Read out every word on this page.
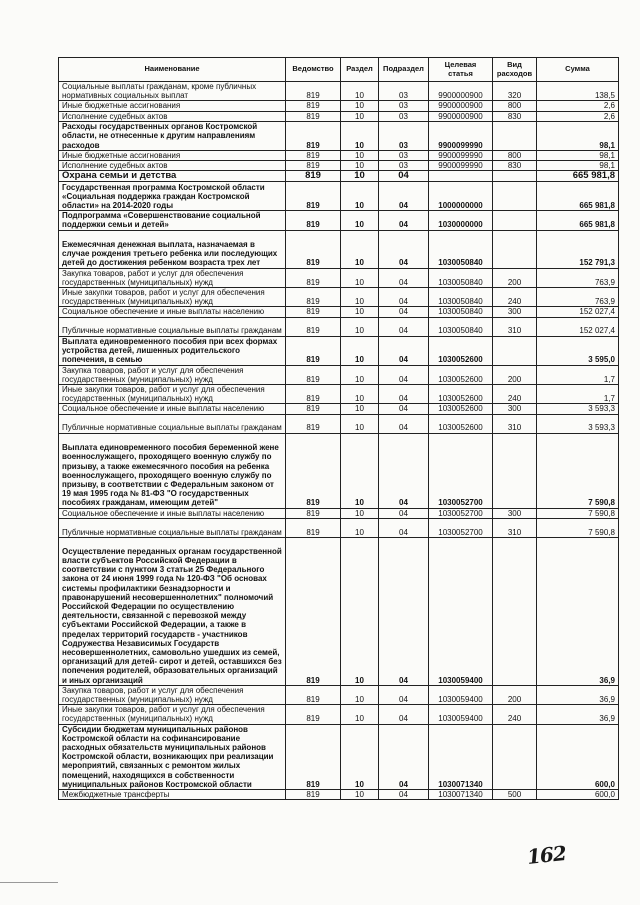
Наименование	Ведомство	Раздел	Подраздел	Целевая статья	Вид расходов	Сумма
Социальные выплаты гражданам, кроме публичных нормативных социальных выплат	819	10	03	9900000900	320	138,5
Иные бюджетные ассигнования	819	10	03	9900000900	800	2,6
Исполнение судебных актов	819	10	03	9900000900	830	2,6
Расходы государственных органов Костромской области, не отнесенные к другим направлениям расходов	819	10	03	9900099990		98,1
Иные бюджетные ассигнования	819	10	03	9900099990	800	98,1
Исполнение судебных актов	819	10	03	9900099990	830	98,1
Охрана семьи и детства	819	10	04			665 981,8
Государственная программа Костромской области «Социальная поддержка граждан Костромской области» на 2014-2020 годы	819	10	04	1000000000		665 981,8
Подпрограмма «Совершенствование социальной поддержки семьи и детей»	819	10	04	1030000000		665 981,8
Ежемесячная денежная выплата, назначаемая в случае рождения третьего ребенка или последующих детей до достижения ребенком возраста трех лет	819	10	04	1030050840		152 791,3
Закупка товаров, работ и услуг для обеспечения государственных (муниципальных) нужд	819	10	04	1030050840	200	763,9
Иные закупки товаров, работ и услуг для обеспечения государственных (муниципальных) нужд	819	10	04	1030050840	240	763,9
Социальное обеспечение и иные выплаты населению	819	10	04	1030050840	300	152 027,4
Публичные нормативные социальные выплаты гражданам	819	10	04	1030050840	310	152 027,4
Выплата единовременного пособия при всех формах устройства детей, лишенных родительского попечения, в семью	819	10	04	1030052600		3 595,0
Закупка товаров, работ и услуг для обеспечения государственных (муниципальных) нужд	819	10	04	1030052600	200	1,7
Иные закупки товаров, работ и услуг для обеспечения государственных (муниципальных) нужд	819	10	04	1030052600	240	1,7
Социальное обеспечение и иные выплаты населению	819	10	04	1030052600	300	3 593,3
Публичные нормативные социальные выплаты гражданам	819	10	04	1030052600	310	3 593,3
Выплата единовременного пособия беременной жене военнослужащего, проходящего военную службу по призыву, а также ежемесячного пособия на ребенка военнослужащего, проходящего военную службу по призыву, в соответствии с Федеральным законом от 19 мая 1995 года № 81-ФЗ "О государственных пособиях гражданам, имеющим детей"	819	10	04	1030052700		7 590,8
Социальное обеспечение и иные выплаты населению	819	10	04	1030052700	300	7 590,8
Публичные нормативные социальные выплаты гражданам	819	10	04	1030052700	310	7 590,8
Осуществление переданных органам государственной власти субъектов Российской Федерации в соответствии с пунктом 3 статьи 25 Федерального закона от 24 июня 1999 года № 120-ФЗ "Об основах системы профилактики безнадзорности и правонарушений несовершеннолетних" полномочий Российской Федерации по осуществлению деятельности, связанной с перевозкой между субъектами Российской Федерации, а также в пределах территорий государств - участников Содружества Независимых Государств несовершеннолетних, самовольно ушедших из семей, организаций для детей- сирот и детей, оставшихся без попечения родителей, образовательных организаций и иных организаций	819	10	04	1030059400		36,9
Закупка товаров, работ и услуг для обеспечения государственных (муниципальных) нужд	819	10	04	1030059400	200	36,9
Иные закупки товаров, работ и услуг для обеспечения государственных (муниципальных) нужд	819	10	04	1030059400	240	36,9
Субсидии бюджетам муниципальных районов Костромской области на софинансирование расходных обязательств муниципальных районов Костромской области, возникающих при реализации мероприятий, связанных с ремонтом жилых помещений, находящихся в собственности муниципальных районов Костромской области	819	10	04	1030071340		600,0
Межбюджетные трансферты	819	10	04	1030071340	500	600,0
162
